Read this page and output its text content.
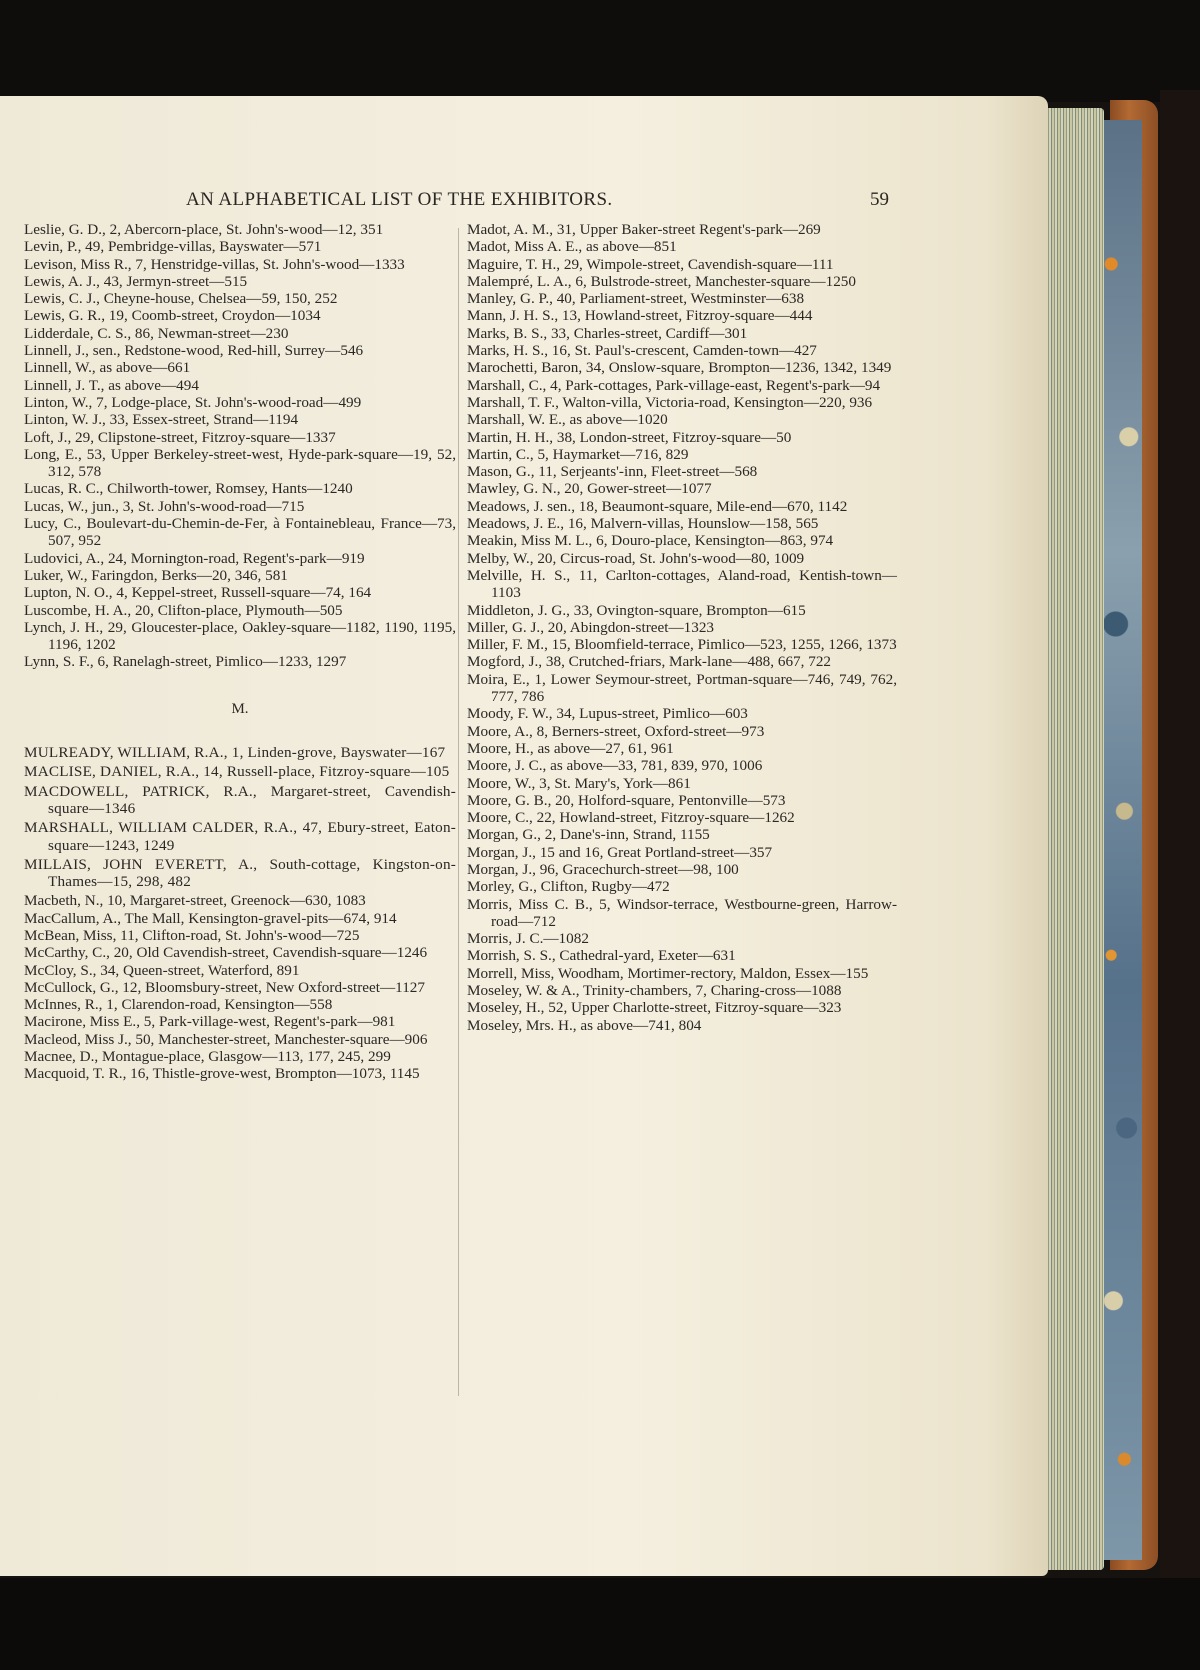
AN ALPHABETICAL LIST OF THE EXHIBITORS.	59
Leslie, G. D., 2, Abercorn-place, St. John's-wood—12, 351
Levin, P., 49, Pembridge-villas, Bayswater—571
Levison, Miss R., 7, Henstridge-villas, St. John's-wood—1333
Lewis, A. J., 43, Jermyn-street—515
Lewis, C. J., Cheyne-house, Chelsea—59, 150, 252
Lewis, G. R., 19, Coomb-street, Croydon—1034
Lidderdale, C. S., 86, Newman-street—230
Linnell, J., sen., Redstone-wood, Red-hill, Surrey—546
Linnell, W., as above—661
Linnell, J. T., as above—494
Linton, W., 7, Lodge-place, St. John's-wood-road—499
Linton, W. J., 33, Essex-street, Strand—1194
Loft, J., 29, Clipstone-street, Fitzroy-square—1337
Long, E., 53, Upper Berkeley-street-west, Hyde-park-square—19, 52, 312, 578
Lucas, R. C., Chilworth-tower, Romsey, Hants—1240
Lucas, W., jun., 3, St. John's-wood-road—715
Lucy, C., Boulevart-du-Chemin-de-Fer, à Fontainebleau, France—73, 507, 952
Ludovici, A., 24, Mornington-road, Regent's-park—919
Luker, W., Faringdon, Berks—20, 346, 581
Lupton, N. O., 4, Keppel-street, Russell-square—74, 164
Luscombe, H. A., 20, Clifton-place, Plymouth—505
Lynch, J. H., 29, Gloucester-place, Oakley-square—1182, 1190, 1195, 1196, 1202
Lynn, S. F., 6, Ranelagh-street, Pimlico—1233, 1297
M.
MULREADY, WILLIAM, R.A., 1, Linden-grove, Bayswater—167
MACLISE, DANIEL, R.A., 14, Russell-place, Fitzroy-square—105
MACDOWELL, PATRICK, R.A., Margaret-street, Cavendish-square—1346
MARSHALL, WILLIAM CALDER, R.A., 47, Ebury-street, Eaton-square—1243, 1249
MILLAIS, JOHN EVERETT, A., South-cottage, Kingston-on-Thames—15, 298, 482
Macbeth, N., 10, Margaret-street, Greenock—630, 1083
MacCallum, A., The Mall, Kensington-gravel-pits—674, 914
McBean, Miss, 11, Clifton-road, St. John's-wood—725
McCarthy, C., 20, Old Cavendish-street, Cavendish-square—1246
McCloy, S., 34, Queen-street, Waterford, 891
McCullock, G., 12, Bloomsbury-street, New Oxford-street—1127
McInnes, R., 1, Clarendon-road, Kensington—558
Macirone, Miss E., 5, Park-village-west, Regent's-park—981
Macleod, Miss J., 50, Manchester-street, Manchester-square—906
Macnee, D., Montague-place, Glasgow—113, 177, 245, 299
Macquoid, T. R., 16, Thistle-grove-west, Brompton—1073, 1145
Madot, A. M., 31, Upper Baker-street Regent's-park—269
Madot, Miss A. E., as above—851
Maguire, T. H., 29, Wimpole-street, Cavendish-square—111
Malempré, L. A., 6, Bulstrode-street, Manchester-square—1250
Manley, G. P., 40, Parliament-street, Westminster—638
Mann, J. H. S., 13, Howland-street, Fitzroy-square—444
Marks, B. S., 33, Charles-street, Cardiff—301
Marks, H. S., 16, St. Paul's-crescent, Camden-town—427
Marochetti, Baron, 34, Onslow-square, Brompton—1236, 1342, 1349
Marshall, C., 4, Park-cottages, Park-village-east, Regent's-park—94
Marshall, T. F., Walton-villa, Victoria-road, Kensington—220, 936
Marshall, W. E., as above—1020
Martin, H. H., 38, London-street, Fitzroy-square—50
Martin, C., 5, Haymarket—716, 829
Mason, G., 11, Serjeants'-inn, Fleet-street—568
Mawley, G. N., 20, Gower-street—1077
Meadows, J. sen., 18, Beaumont-square, Mile-end—670, 1142
Meadows, J. E., 16, Malvern-villas, Hounslow—158, 565
Meakin, Miss M. L., 6, Douro-place, Kensington—863, 974
Melby, W., 20, Circus-road, St. John's-wood—80, 1009
Melville, H. S., 11, Carlton-cottages, Aland-road, Kentish-town—1103
Middleton, J. G., 33, Ovington-square, Brompton—615
Miller, G. J., 20, Abingdon-street—1323
Miller, F. M., 15, Bloomfield-terrace, Pimlico—523, 1255, 1266, 1373
Mogford, J., 38, Crutched-friars, Mark-lane—488, 667, 722
Moira, E., 1, Lower Seymour-street, Portman-square—746, 749, 762, 777, 786
Moody, F. W., 34, Lupus-street, Pimlico—603
Moore, A., 8, Berners-street, Oxford-street—973
Moore, H., as above—27, 61, 961
Moore, J. C., as above—33, 781, 839, 970, 1006
Moore, W., 3, St. Mary's, York—861
Moore, G. B., 20, Holford-square, Pentonville—573
Moore, C., 22, Howland-street, Fitzroy-square—1262
Morgan, G., 2, Dane's-inn, Strand, 1155
Morgan, J., 15 and 16, Great Portland-street—357
Morgan, J., 96, Gracechurch-street—98, 100
Morley, G., Clifton, Rugby—472
Morris, Miss C. B., 5, Windsor-terrace, Westbourne-green, Harrow-road—712
Morris, J. C.—1082
Morrish, S. S., Cathedral-yard, Exeter—631
Morrell, Miss, Woodham, Mortimer-rectory, Maldon, Essex—155
Moseley, W. & A., Trinity-chambers, 7, Charing-cross—1088
Moseley, H., 52, Upper Charlotte-street, Fitzroy-square—323
Moseley, Mrs. H., as above—741, 804
